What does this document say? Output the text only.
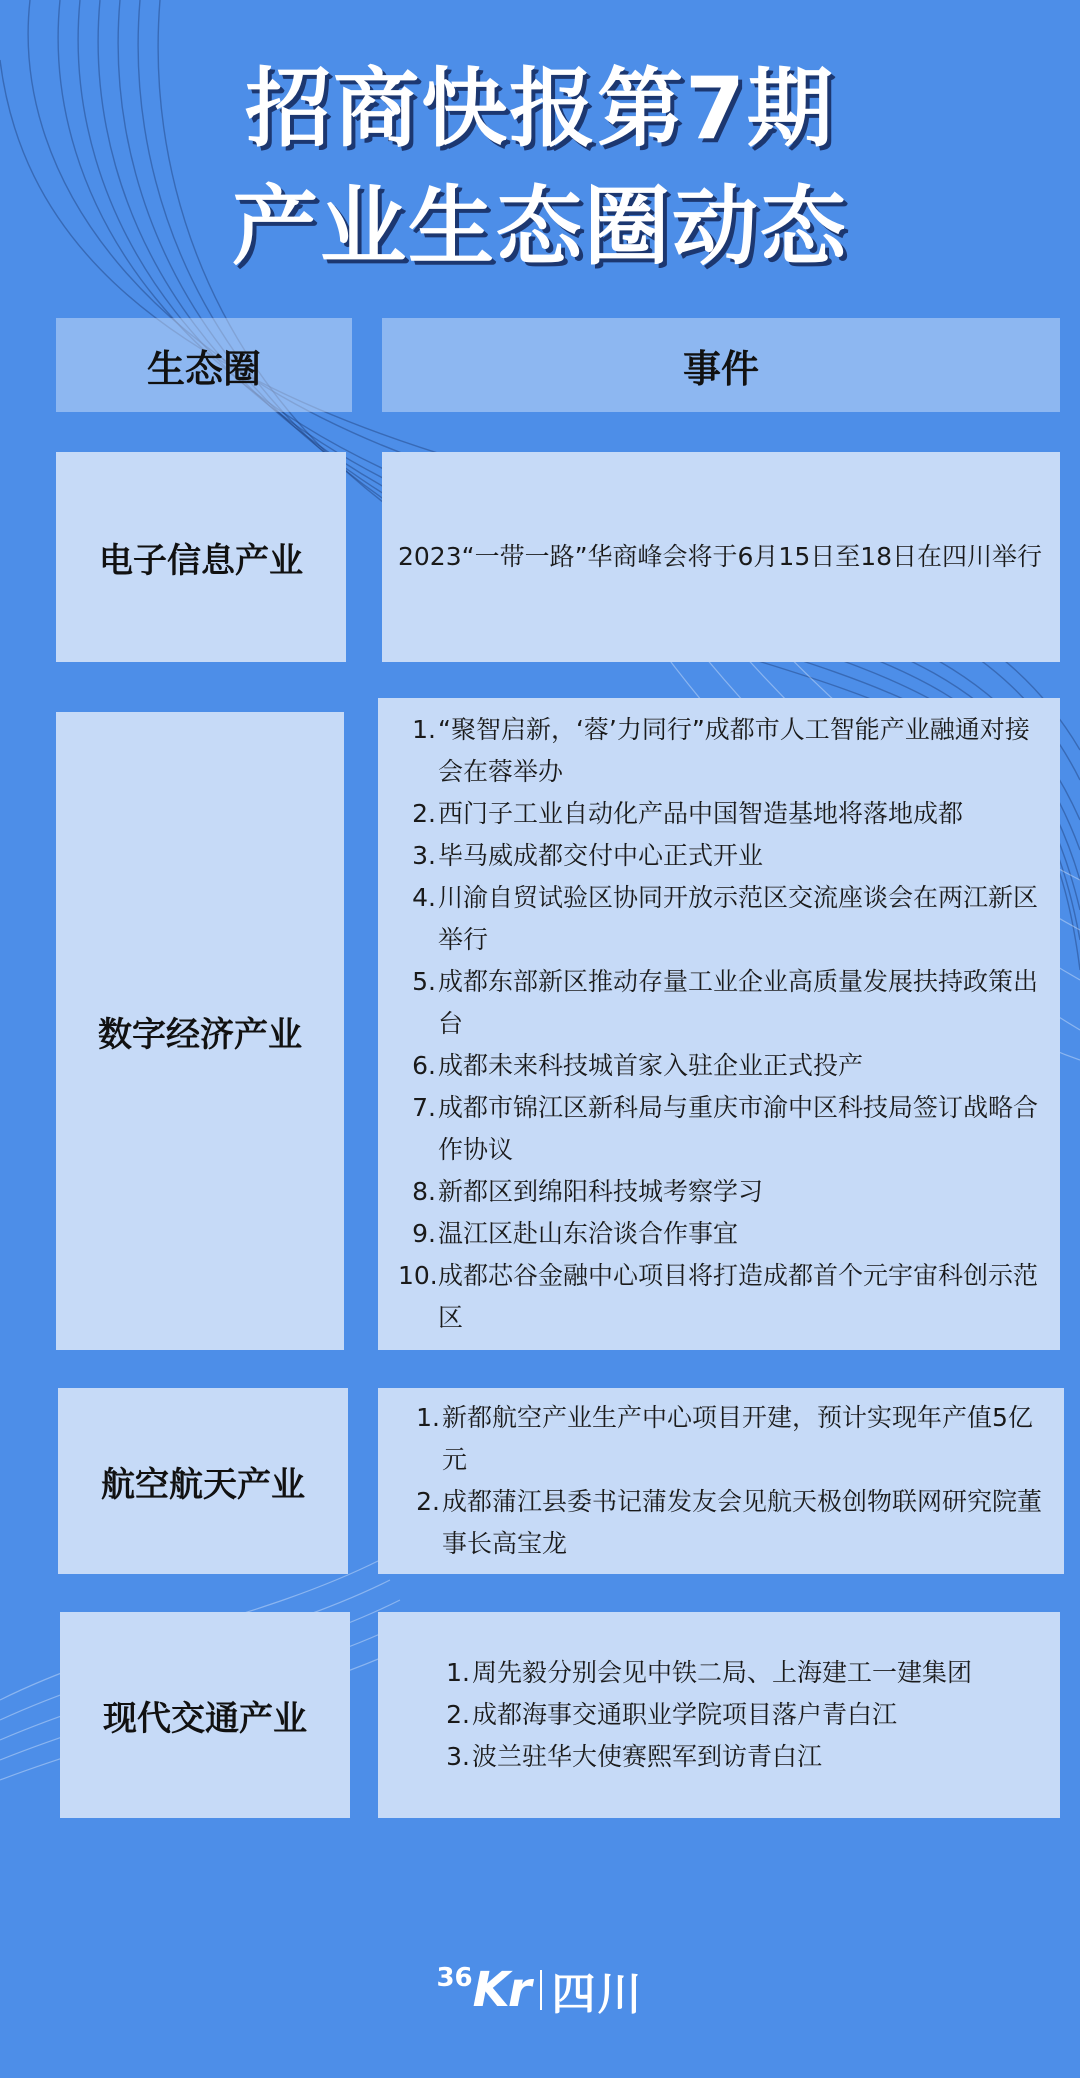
招商快报第7期
产业生态圈动态
生态圈	事件
电子信息产业	2023“一带一路”华商峰会将于6月15日至18日在四川举行

数字经济产业
1. “聚智启新，‘蓉’力同行”成都市人工智能产业融通对接会在蓉举办
2. 西门子工业自动化产品中国智造基地将落地成都
3. 毕马威成都交付中心正式开业
4. 川渝自贸试验区协同开放示范区交流座谈会在两江新区举行
5. 成都东部新区推动存量工业企业高质量发展扶持政策出台
6. 成都未来科技城首家入驻企业正式投产
7. 成都市锦江区新科局与重庆市渝中区科技局签订战略合作协议
8. 新都区到绵阳科技城考察学习
9. 温江区赴山东洽谈合作事宜
10. 成都芯谷金融中心项目将打造成都首个元宇宙科创示范区
航空航天产业
1. 新都航空产业生产中心项目开建，预计实现年产值5亿元
2. 成都蒲江县委书记蒲发友会见航天极创物联网研究院董事长高宝龙
现代交通产业
1. 周先毅分别会见中铁二局、上海建工一建集团
2. 成都海事交通职业学院项目落户青白江
3. 波兰驻华大使赛熙军到访青白江
36 Kr 四川
